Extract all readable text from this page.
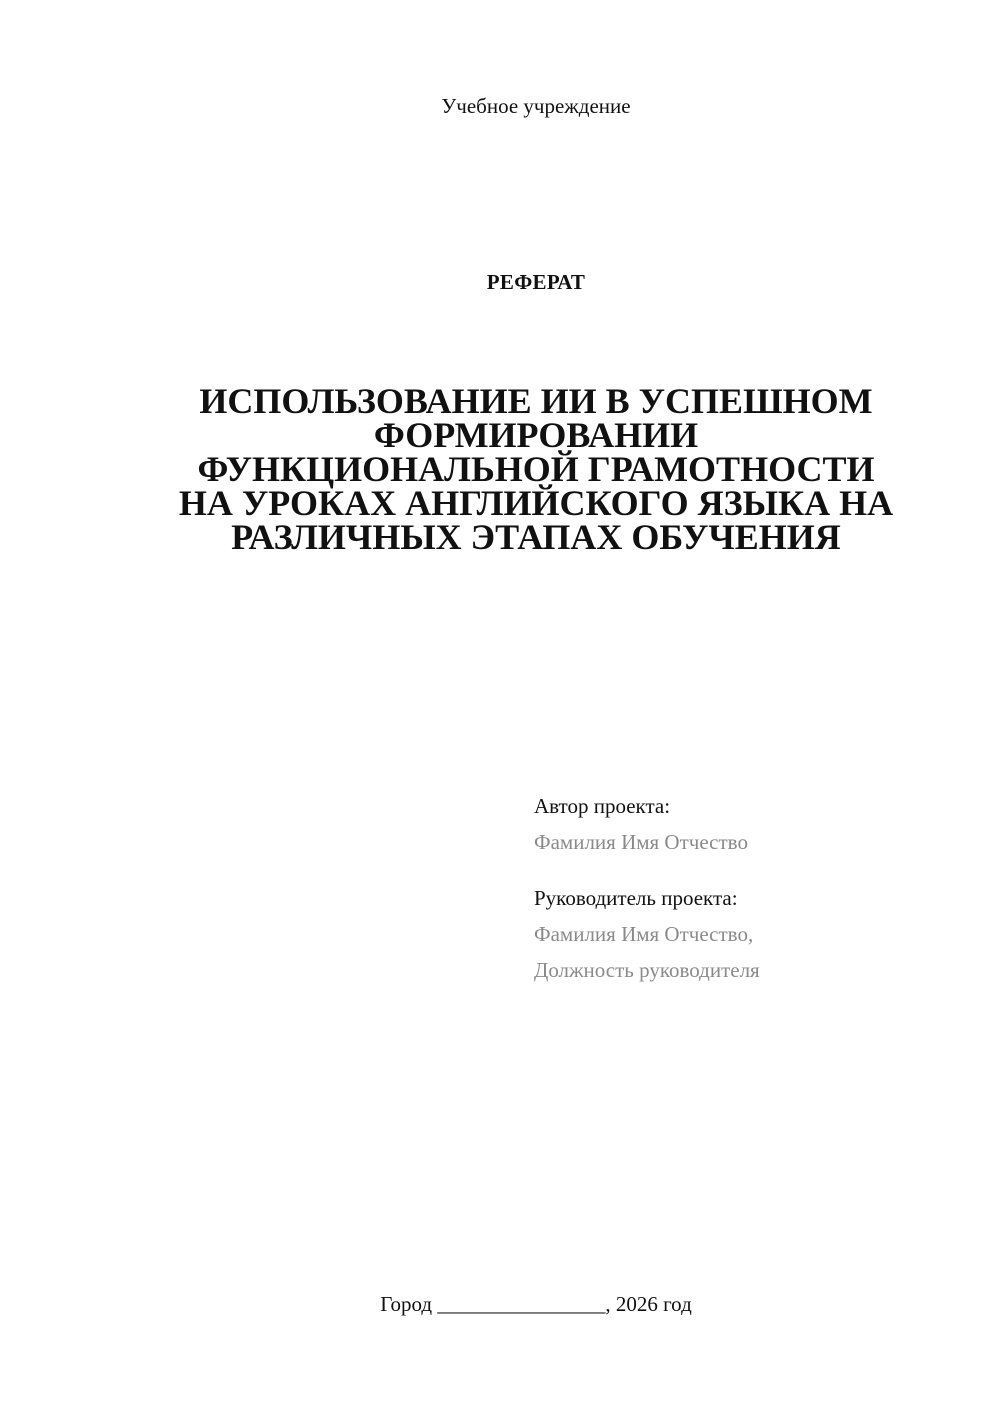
Учебное учреждение
РЕФЕРАТ
ИСПОЛЬЗОВАНИЕ ИИ В УСПЕШНОМ
ФОРМИРОВАНИИ
ФУНКЦИОНАЛЬНОЙ ГРАМОТНОСТИ
НА УРОКАХ АНГЛИЙСКОГО ЯЗЫКА НА
РАЗЛИЧНЫХ ЭТАПАХ ОБУЧЕНИЯ
Автор проекта:
Фамилия Имя Отчество
Руководитель проекта:
Фамилия Имя Отчество,
Должность руководителя
Город ________________, 2026 год
